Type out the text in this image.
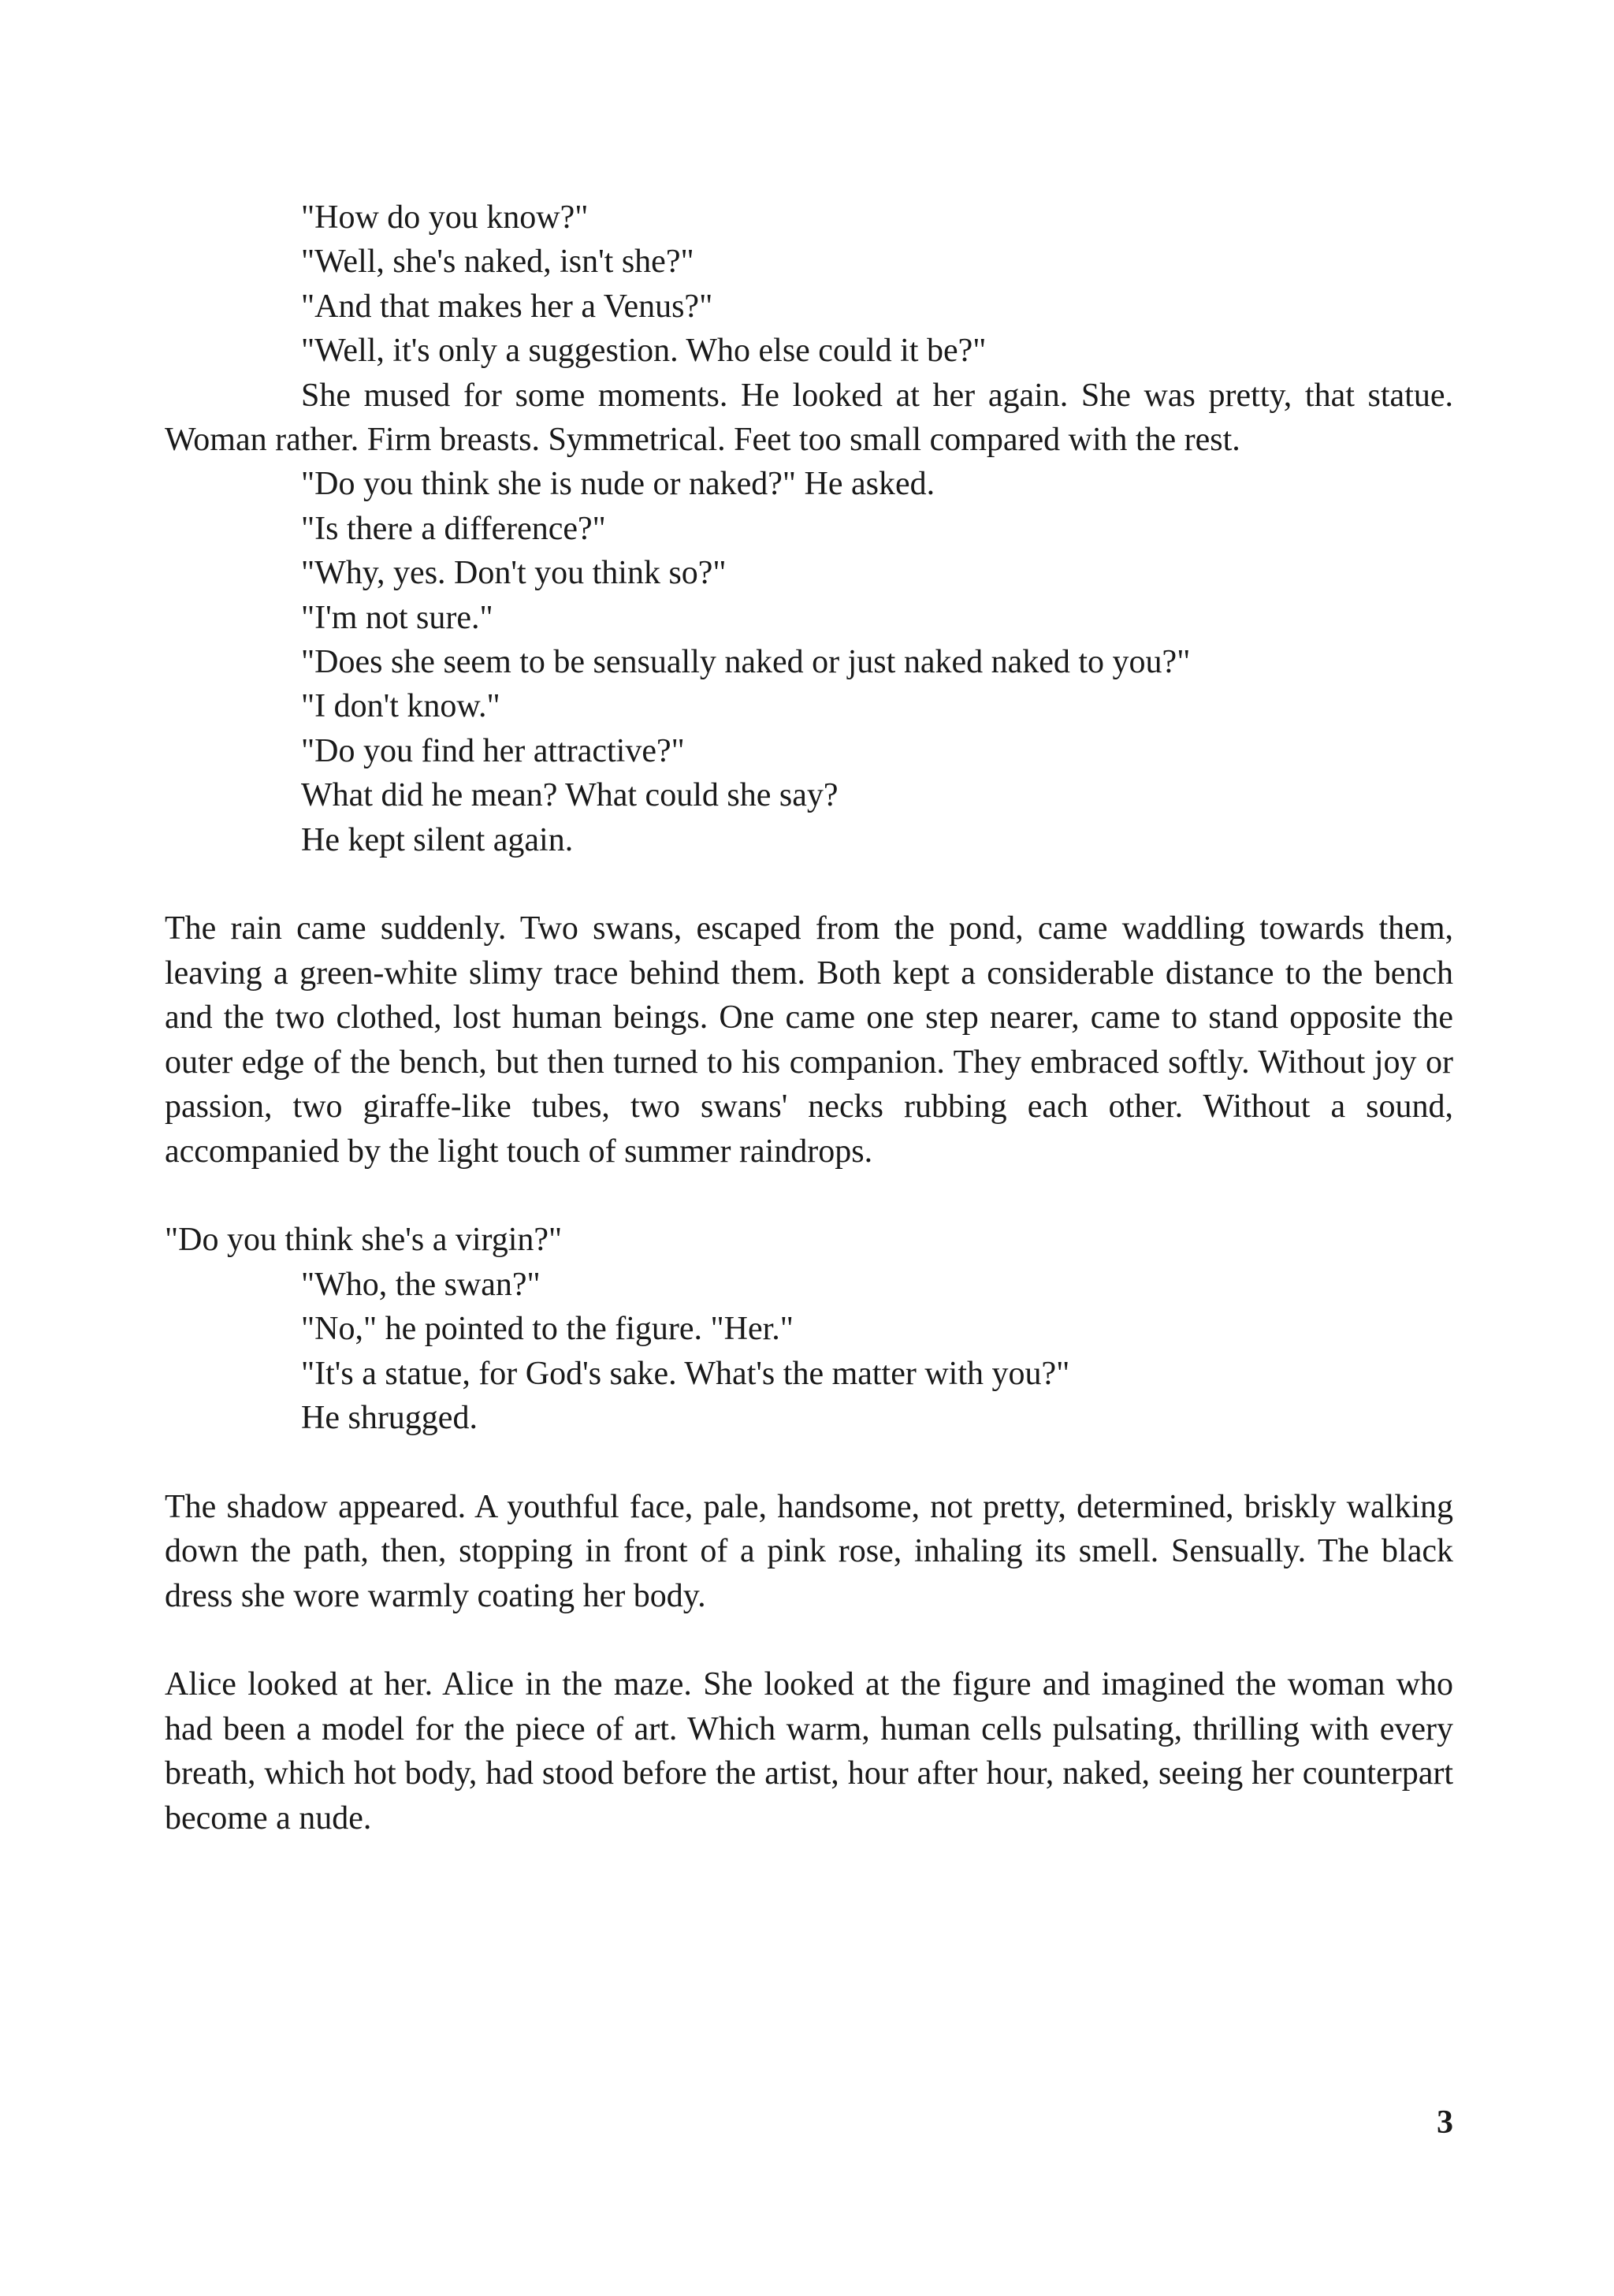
"How do you know?"
"Well, she's naked, isn't she?"
"And that makes her a Venus?"
"Well, it's only a suggestion. Who else could it be?"

She mused for some moments. He looked at her again. She was pretty, that statue. Woman rather. Firm breasts. Symmetrical. Feet too small compared with the rest.

"Do you think she is nude or naked?" He asked.
"Is there a difference?"
"Why, yes. Don't you think so?"
"I'm not sure."
"Does she seem to be sensually naked or just naked naked to you?"
"I don't know."
"Do you find her attractive?"
What did he mean? What could she say?
He kept silent again.

The rain came suddenly. Two swans, escaped from the pond, came waddling towards them, leaving a green-white slimy trace behind them. Both kept a considerable distance to the bench and the two clothed, lost human beings. One came one step nearer, came to stand opposite the outer edge of the bench, but then turned to his companion. They embraced softly. Without joy or passion, two giraffe-like tubes, two swans' necks rubbing each other. Without a sound, accompanied by the light touch of summer raindrops.

"Do you think she's a virgin?"
"Who, the swan?"
"No," he pointed to the figure. "Her."
"It's a statue, for God's sake. What's the matter with you?"
He shrugged.

The shadow appeared. A youthful face, pale, handsome, not pretty, determined, briskly walking down the path, then, stopping in front of a pink rose, inhaling its smell. Sensually. The black dress she wore warmly coating her body.

Alice looked at her. Alice in the maze. She looked at the figure and imagined the woman who had been a model for the piece of art. Which warm, human cells pulsating, thrilling with every breath, which hot body, had stood before the artist, hour after hour, naked, seeing her counterpart become a nude.

3
